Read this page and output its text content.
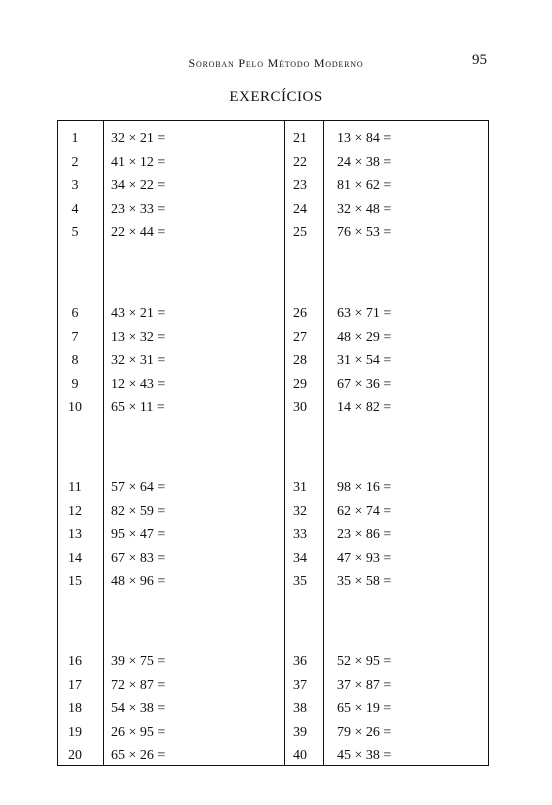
Soroban Pelo Método Moderno	95
EXERCÍCIOS
1	32 × 21 =
2	41 × 12 =
3	34 × 22 =
4	23 × 33 =
5	22 × 44 =
6	43 × 21 =
7	13 × 32 =
8	32 × 31 =
9	12 × 43 =
10	65 × 11 =
11	57 × 64 =
12	82 × 59 =
13	95 × 47 =
14	67 × 83 =
15	48 × 96 =
16	39 × 75 =
17	72 × 87 =
18	54 × 38 =
19	26 × 95 =
20	65 × 26 =
21	13 × 84 =
22	24 × 38 =
23	81 × 62 =
24	32 × 48 =
25	76 × 53 =
26	63 × 71 =
27	48 × 29 =
28	31 × 54 =
29	67 × 36 =
30	14 × 82 =
31	98 × 16 =
32	62 × 74 =
33	23 × 86 =
34	47 × 93 =
35	35 × 58 =
36	52 × 95 =
37	37 × 87 =
38	65 × 19 =
39	79 × 26 =
40	45 × 38 =
